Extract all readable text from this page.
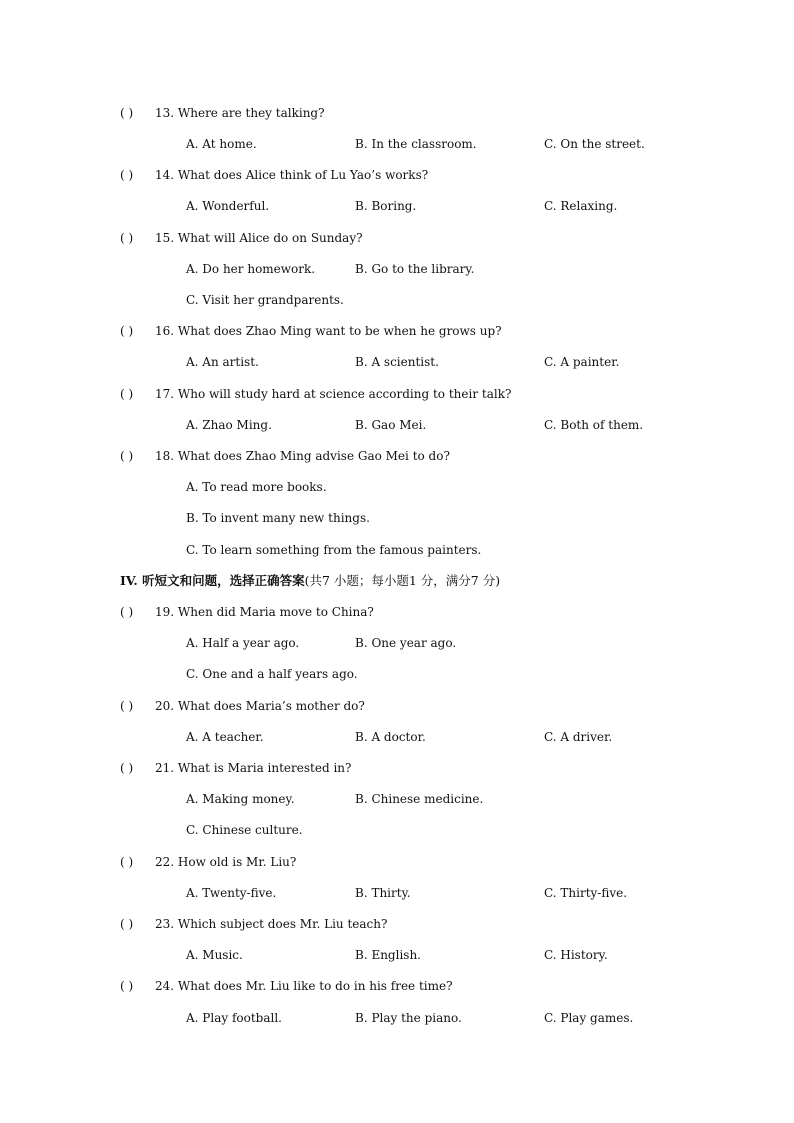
( ) 13. Where are they talking?
A. At home.	B. In the classroom.	C. On the street.
( ) 14. What does Alice think of Lu Yao’s works?
A. Wonderful.	B. Boring.	C. Relaxing.
( ) 15. What will Alice do on Sunday?
A. Do her homework.	B. Go to the library.
C. Visit her grandparents.
( ) 16. What does Zhao Ming want to be when he grows up?
A. An artist.	B. A scientist.	C. A painter.
( ) 17. Who will study hard at science according to their talk?
A. Zhao Ming.	B. Gao Mei.	C. Both of them.
( ) 18. What does Zhao Ming advise Gao Mei to do?
A. To read more books.
B. To invent many new things.
C. To learn something from the famous painters.
IV. 听短文和问题，选择正确答案(共7 小题；每小题1 分，满分7 分)
( ) 19. When did Maria move to China?
A. Half a year ago.	B. One year ago.
C. One and a half years ago.
( ) 20. What does Maria’s mother do?
A. A teacher.	B. A doctor.	C. A driver.
( ) 21. What is Maria interested in?
A. Making money.	B. Chinese medicine.
C. Chinese culture.
( ) 22. How old is Mr. Liu?
A. Twenty-five.	B. Thirty.	C. Thirty-five.
( ) 23. Which subject does Mr. Liu teach?
A. Music.	B. English.	C. History.
( ) 24. What does Mr. Liu like to do in his free time?
A. Play football.	B. Play the piano.	C. Play games.
